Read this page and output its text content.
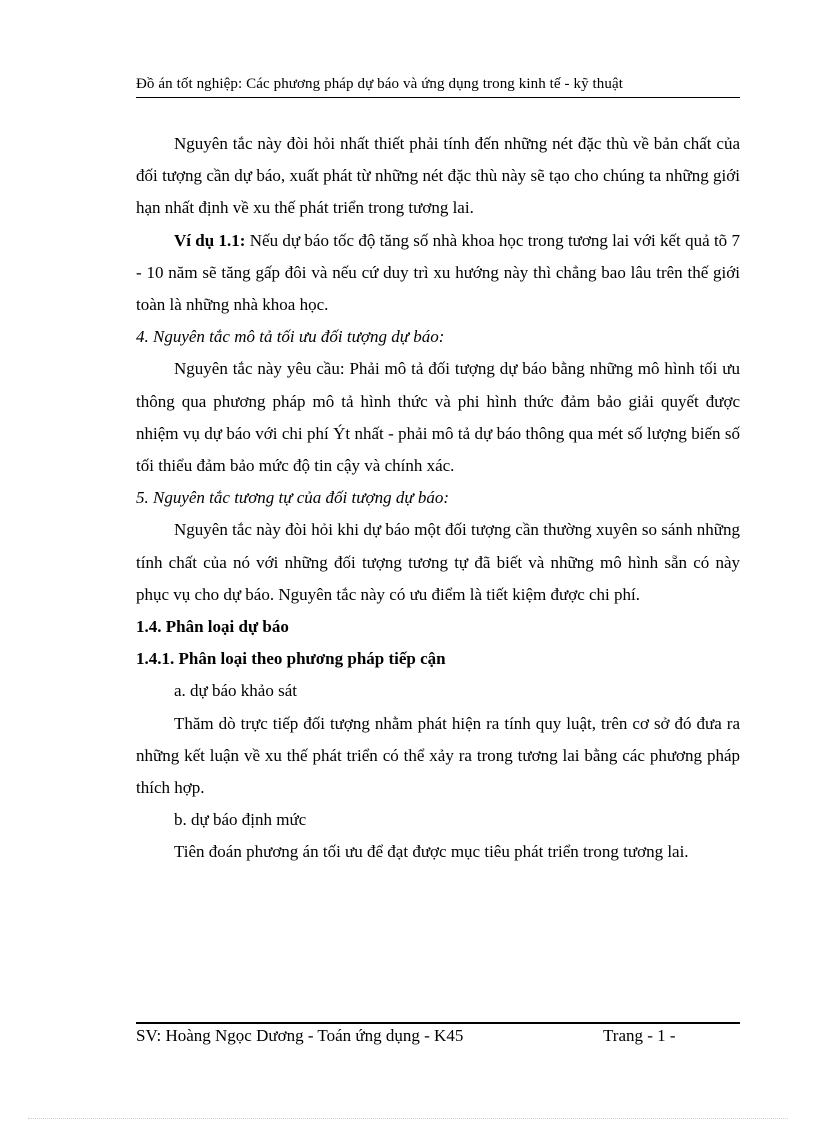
Đồ án tốt nghiệp: Các phương pháp dự báo và ứng dụng trong kinh tế - kỹ thuật

Nguyên tắc này đòi hỏi nhất thiết phải tính đến những nét đặc thù về bản chất của đối tượng cần dự báo, xuất phát từ những nét đặc thù này sẽ tạo cho chúng ta những giới hạn nhất định về xu thế phát triển trong tương lai.

Ví dụ 1.1: Nếu dự báo tốc độ tăng số nhà khoa học trong tương lai với kết quả tõ 7 - 10 năm sẽ tăng gấp đôi và nếu cứ duy trì xu hướng này thì chẳng bao lâu trên thế giới toàn là những nhà khoa học.

4. Nguyên tắc mô tả tối ưu đối tượng dự báo:

Nguyên tắc này yêu cầu: Phải mô tả đối tượng dự báo bằng những mô hình tối ưu thông qua phương pháp mô tả hình thức và phi hình thức đảm bảo giải quyết được nhiệm vụ dự báo với chi phí Ýt nhất - phải mô tả dự báo thông qua mét số lượng biến số tối thiểu đảm bảo mức độ tin cậy và chính xác.

5. Nguyên tắc tương tự của đối tượng dự báo:

Nguyên tắc này đòi hỏi khi dự báo một đối tượng cần thường xuyên so sánh những tính chất của nó với những đối tượng tương tự đã biết và những mô hình sẵn có này phục vụ cho dự báo. Nguyên tắc này có ưu điểm là tiết kiệm được chi phí.

1.4. Phân loại dự báo

1.4.1. Phân loại theo phương pháp tiếp cận

a. dự báo khảo sát

Thăm dò trực tiếp đối tượng nhằm phát hiện ra tính quy luật, trên cơ sở đó đưa ra những kết luận về xu thế phát triển có thể xảy ra trong tương lai bằng các phương pháp thích hợp.

b. dự báo định mức

Tiên đoán phương án tối ưu để đạt được mục tiêu phát triển trong tương lai.

SV: Hoàng Ngọc Dương - Toán ứng dụng - K45	Trang - 1 -
